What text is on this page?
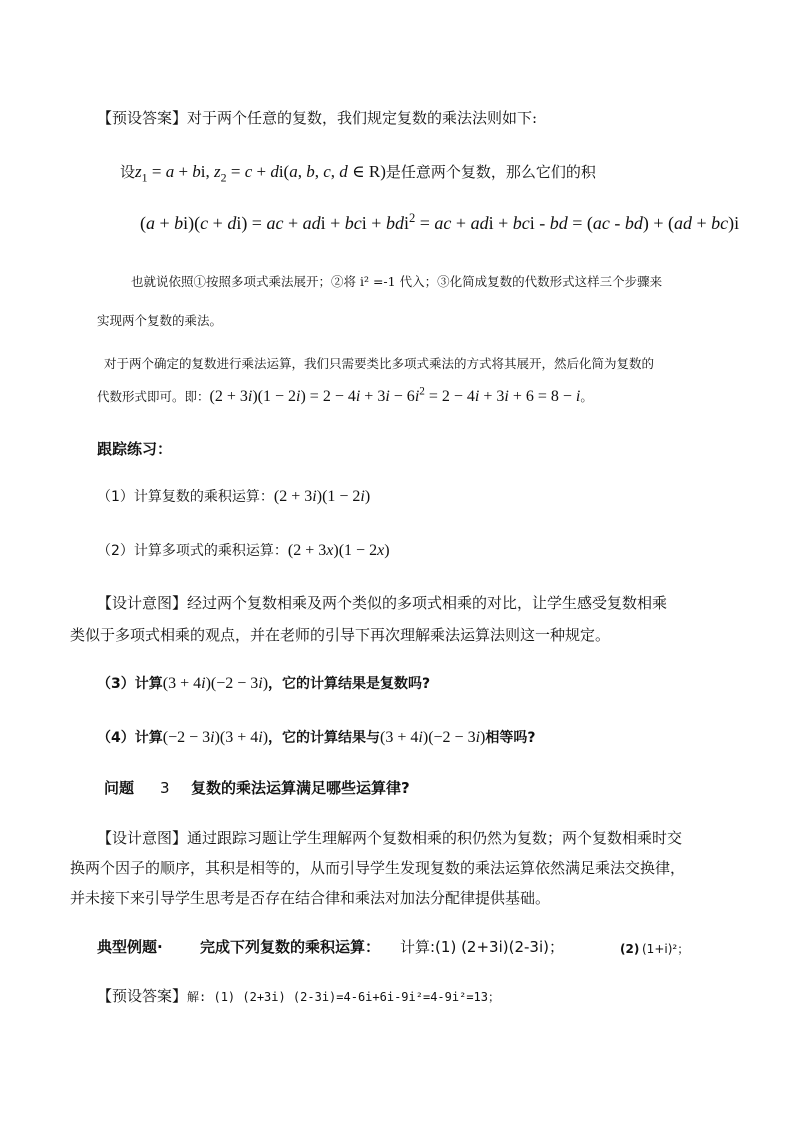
【预设答案】对于两个任意的复数，我们规定复数的乘法法则如下:
设$z_1 = a$ + bi, $z_2 = c + di(a$, b, c, d ∈ R)是任意两个复数，那么它们的积
(a + bi)(c + di) = ac + adi + bci + bdi$^2$ = ac + adi + bci - bd = (ac - bd) + (ad + bc)i
也就说依照①按照多项式乘法展开；②将 i² =-1 代入；③化简成复数的代数形式这样三个步骤来
实现两个复数的乘法。
对于两个确定的复数进行乘法运算，我们只需要类比多项式乘法的方式将其展开，然后化简为复数的
代数形式即可。即：$(2 + 3i)(1 - 2i) = 2 - 4i + 3i - 6i^2 = 2 - 4i + 3i + 6 = 8 - i$。
跟踪练习：
（1）计算复数的乘积运算：(2 + 3i)(1 − 2i)
（2）计算多项式的乘积运算：(2 + 3x)(1 − 2x)
【设计意图】经过两个复数相乘及两个类似的多项式相乘的对比，让学生感受复数相乘
类似于多项式相乘的观点，并在老师的引导下再次理解乘法运算法则这一种规定。
（3）计算(3 + 4i)(−2 − 3i)，它的计算结果是复数吗?
（4）计算(−2 − 3i)(3 + 4i)，它的计算结果与(3 + 4i)(−2 − 3i)相等吗?
问题 3 复数的乘法运算满足哪些运算律?
【设计意图】通过跟踪习题让学生理解两个复数相乘的积仍然为复数；两个复数相乘时交
换两个因子的顺序，其积是相等的，从而引导学生发现复数的乘法运算依然满足乘法交换律，
并未接下来引导学生思考是否存在结合律和乘法对加法分配律提供基础。
典型例题· 完成下列复数的乘积运算： 计算:(1) (2+3i)(2-3i)；	(2) (1+i)²；
【预设答案】解: (1) (2+3i) (2-3i)=4-6i+6i-9i²=4-9i²=13；
